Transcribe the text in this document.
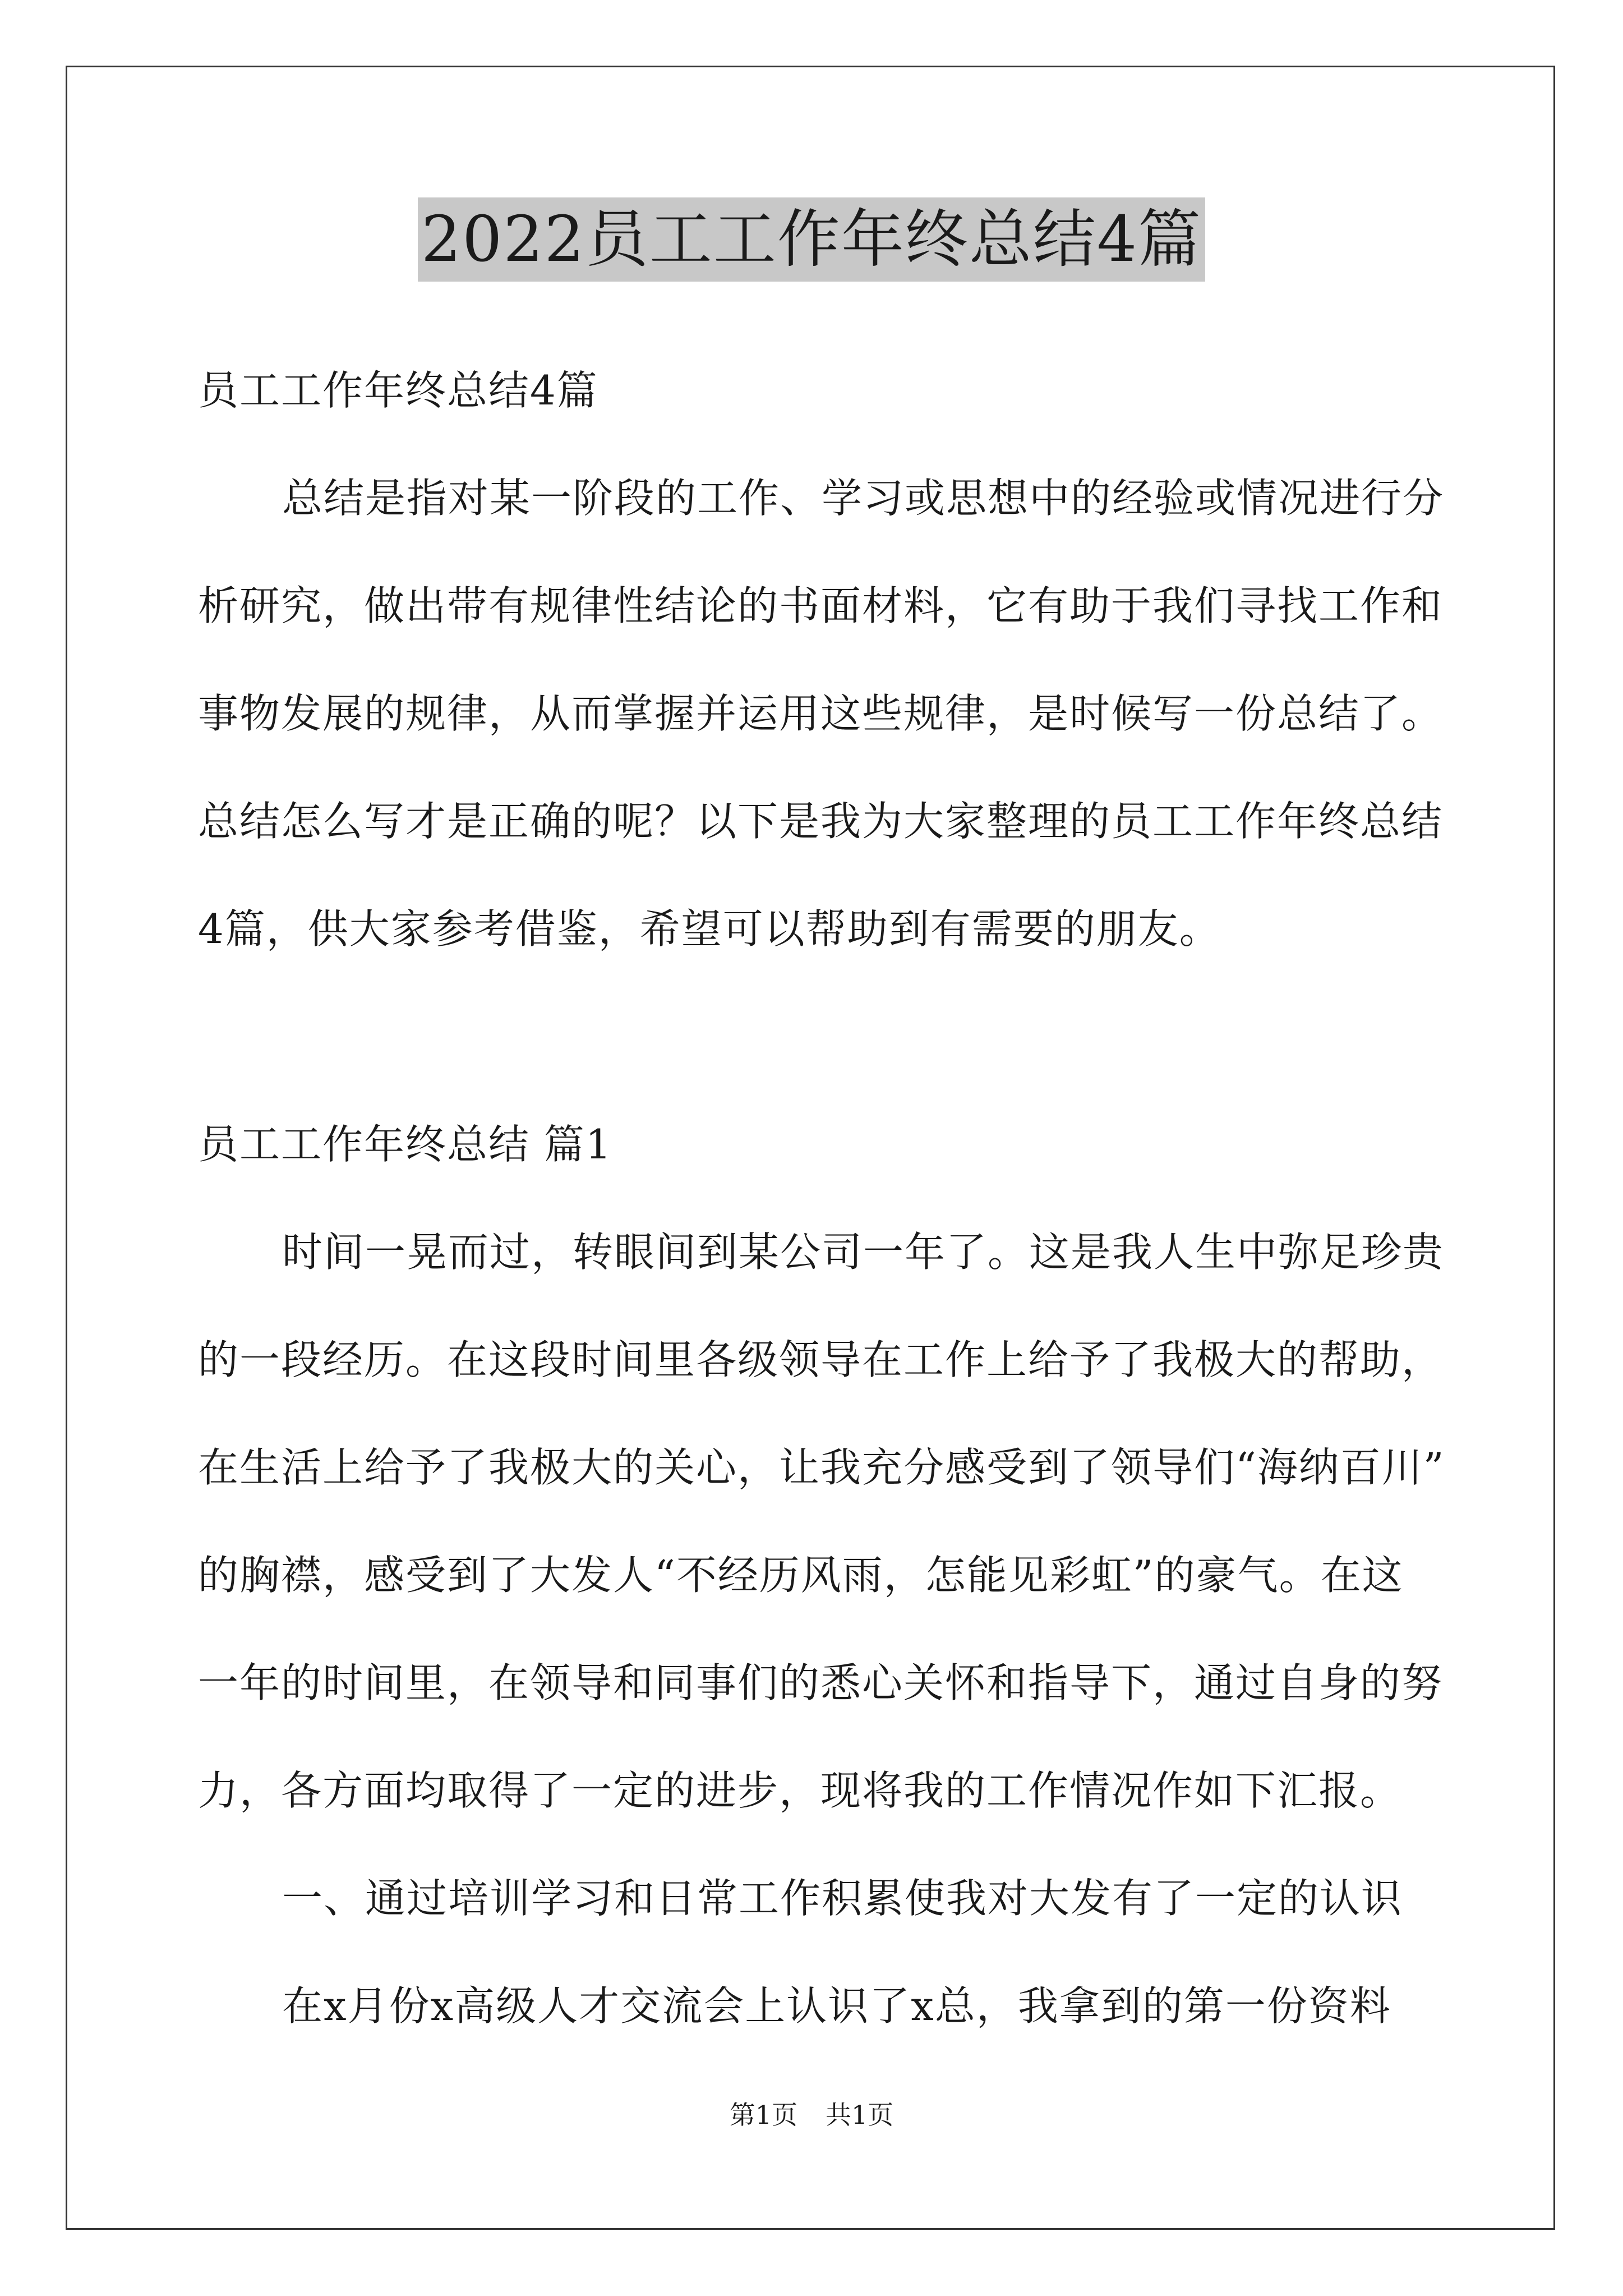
2022员工工作年终总结4篇
员工工作年终总结4篇
总结是指对某一阶段的工作、学习或思想中的经验或情况进行分
析研究，做出带有规律性结论的书面材料，它有助于我们寻找工作和
事物发展的规律，从而掌握并运用这些规律，是时候写一份总结了。
总结怎么写才是正确的呢？以下是我为大家整理的员工工作年终总结
4篇，供大家参考借鉴，希望可以帮助到有需要的朋友。
员工工作年终总结 篇1
时间一晃而过，转眼间到某公司一年了。这是我人生中弥足珍贵
的一段经历。在这段时间里各级领导在工作上给予了我极大的帮助，
在生活上给予了我极大的关心，让我充分感受到了领导们“海纳百川”
的胸襟，感受到了大发人“不经历风雨，怎能见彩虹”的豪气。在这
一年的时间里，在领导和同事们的悉心关怀和指导下，通过自身的努
力，各方面均取得了一定的进步，现将我的工作情况作如下汇报。
一、通过培训学习和日常工作积累使我对大发有了一定的认识
在x月份x高级人才交流会上认识了x总，我拿到的第一份资料
第1页 共1页
